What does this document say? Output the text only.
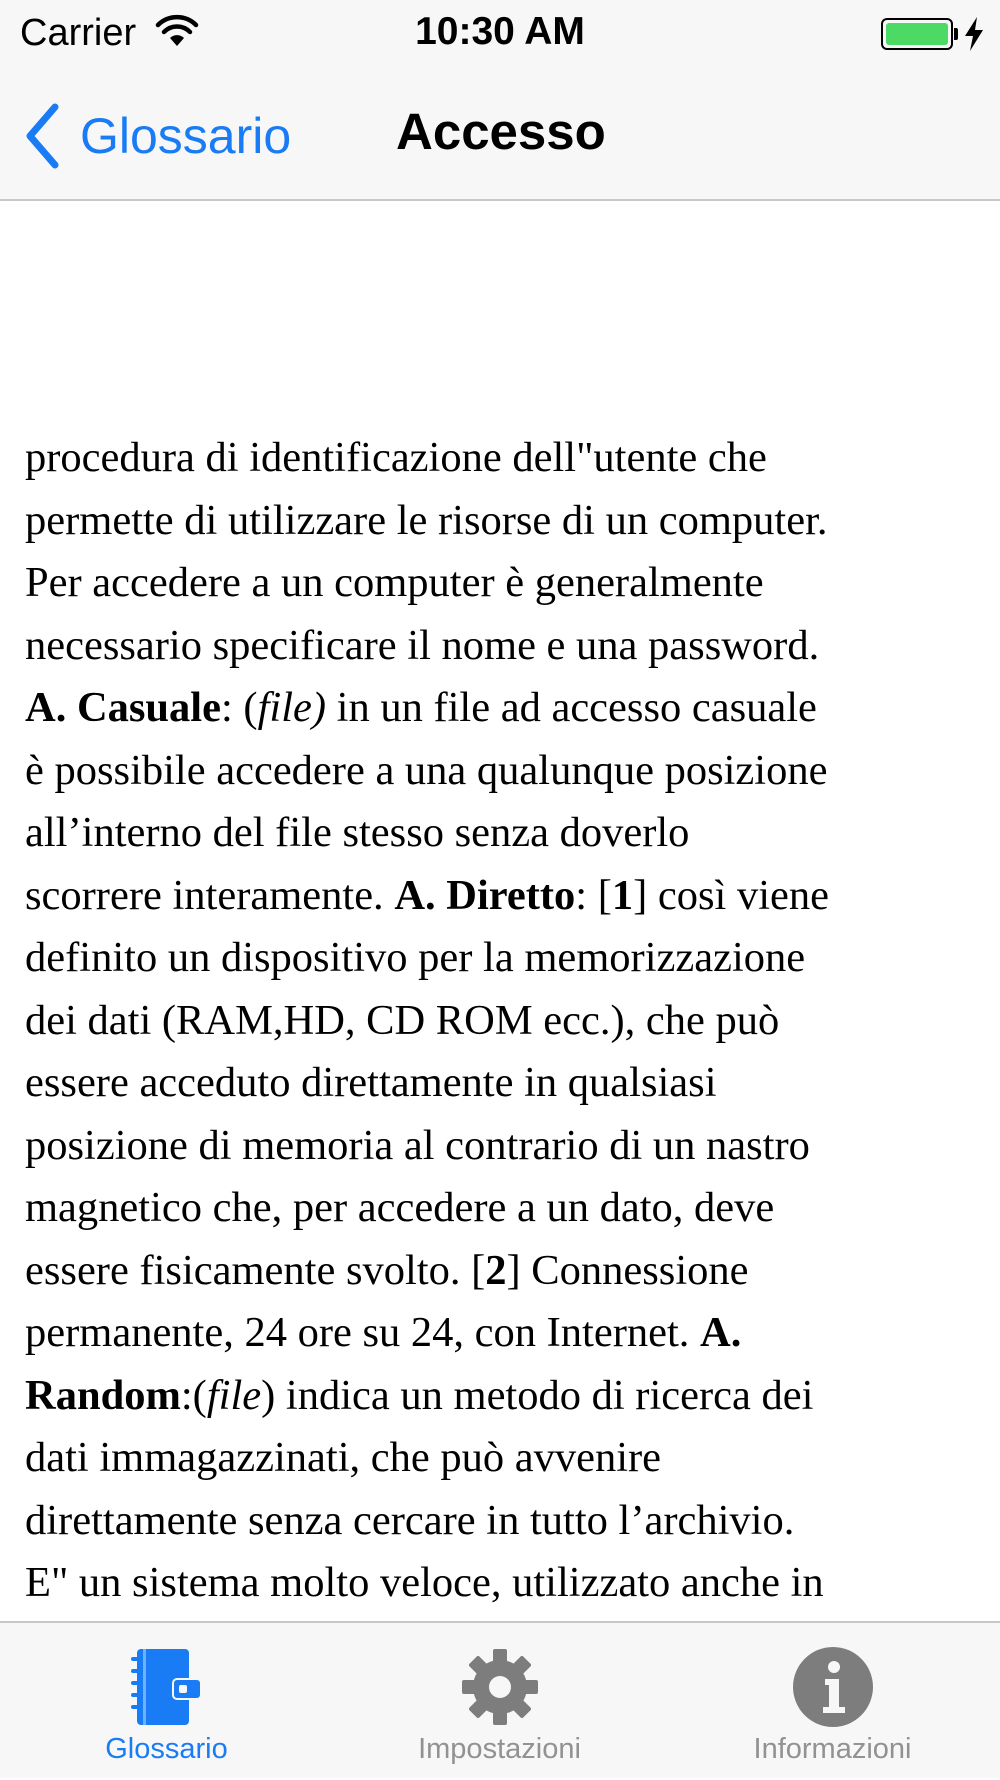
Carrier	10:30 AM
Glossario Accesso
procedura di identificazione dell"utente che
permette di utilizzare le risorse di un computer.
Per accedere a un computer è generalmente
necessario specificare il nome e una password.
A. Casuale: (file) in un file ad accesso casuale
è possibile accedere a una qualunque posizione
all’interno del file stesso senza doverlo
scorrere interamente. A. Diretto: [1] così viene
definito un dispositivo per la memorizzazione
dei dati (RAM,HD, CD ROM ecc.), che può
essere acceduto direttamente in qualsiasi
posizione di memoria al contrario di un nastro
magnetico che, per accedere a un dato, deve
essere fisicamente svolto. [2] Connessione
permanente, 24 ore su 24, con Internet. A.
Random:(file) indica un metodo di ricerca dei
dati immagazzinati, che può avvenire
direttamente senza cercare in tutto l’archivio.
E" un sistema molto veloce, utilizzato anche in
Glossario	Impostazioni	Informazioni
